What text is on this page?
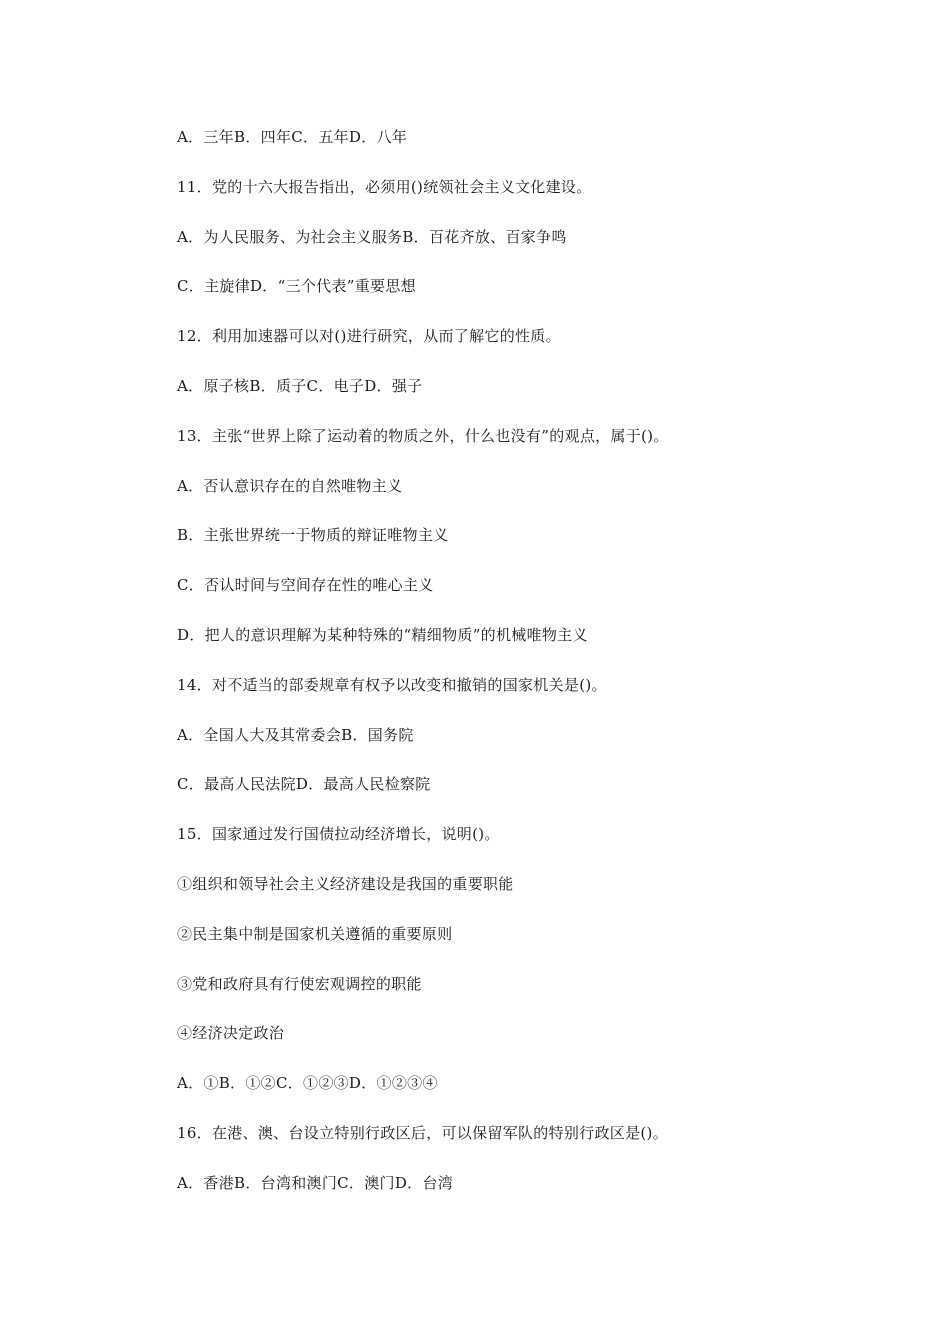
A．三年B．四年C．五年D．八年
11．党的十六大报告指出，必须用()统领社会主义文化建设。
A．为人民服务、为社会主义服务B．百花齐放、百家争鸣
C．主旋律D．“三个代表”重要思想
12．利用加速器可以对()进行研究，从而了解它的性质。
A．原子核B．质子C．电子D．强子
13．主张“世界上除了运动着的物质之外，什么也没有”的观点，属于()。
A．否认意识存在的自然唯物主义
B．主张世界统一于物质的辩证唯物主义
C．否认时间与空间存在性的唯心主义
D．把人的意识理解为某种特殊的“精细物质”的机械唯物主义
14．对不适当的部委规章有权予以改变和撤销的国家机关是()。
A．全国人大及其常委会B．国务院
C．最高人民法院D．最高人民检察院
15．国家通过发行国债拉动经济增长，说明()。
①组织和领导社会主义经济建设是我国的重要职能
②民主集中制是国家机关遵循的重要原则
③党和政府具有行使宏观调控的职能
④经济决定政治
A．①B．①②C．①②③D．①②③④
16．在港、澳、台设立特别行政区后，可以保留军队的特别行政区是()。
A．香港B．台湾和澳门C．澳门D．台湾
